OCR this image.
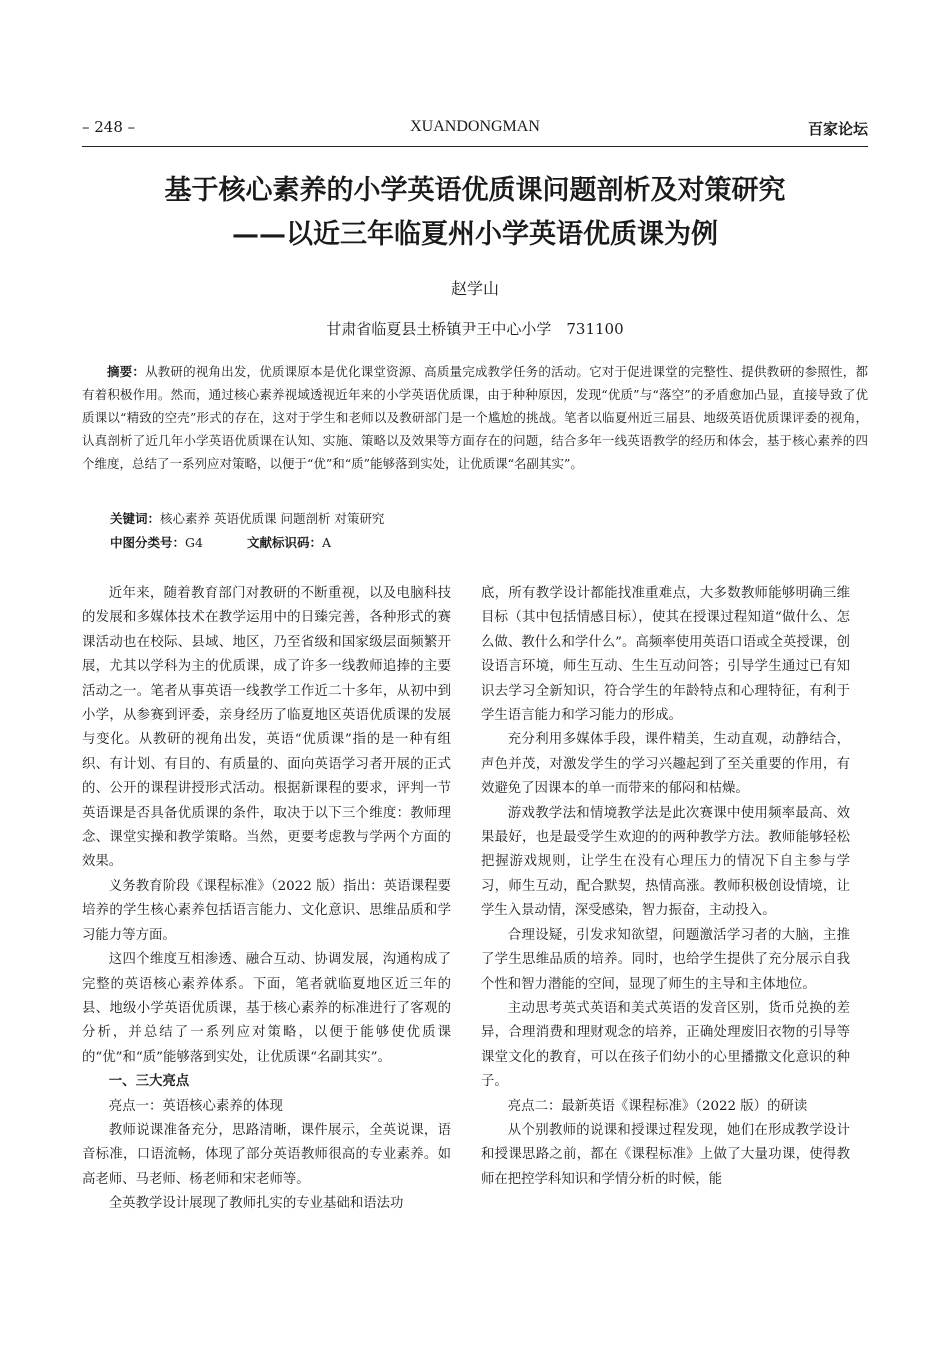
– 248 –	XUANDONGMAN	百家论坛
基于核心素养的小学英语优质课问题剖析及对策研究
——以近三年临夏州小学英语优质课为例
赵学山
甘肃省临夏县土桥镇尹王中心小学　731100
摘要：从教研的视角出发，优质课原本是优化课堂资源、高质量完成教学任务的活动。它对于促进课堂的完整性、提供教研的参照性，都有着积极作用。然而，通过核心素养视域透视近年来的小学英语优质课，由于种种原因，发现“优质”与“落空”的矛盾愈加凸显，直接导致了优质课以“精致的空壳”形式的存在，这对于学生和老师以及教研部门是一个尴尬的挑战。笔者以临夏州近三届县、地级英语优质课评委的视角，认真剖析了近几年小学英语优质课在认知、实施、策略以及效果等方面存在的问题，结合多年一线英语教学的经历和体会，基于核心素养的四个维度，总结了一系列应对策略，以便于“优”和“质”能够落到实处，让优质课“名副其实”。
关键词：核心素养 英语优质课 问题剖析 对策研究
中图分类号：G4	文献标识码：A

近年来，随着教育部门对教研的不断重视，以及电脑科技的发展和多媒体技术在教学运用中的日臻完善，各种形式的赛课活动也在校际、县域、地区，乃至省级和国家级层面频繁开展，尤其以学科为主的优质课，成了许多一线教师追捧的主要活动之一。笔者从事英语一线教学工作近二十多年，从初中到小学，从参赛到评委，亲身经历了临夏地区英语优质课的发展与变化。从教研的视角出发，英语“优质课”指的是一种有组织、有计划、有目的、有质量的、面向英语学习者开展的正式的、公开的课程讲授形式活动。根据新课程的要求，评判一节英语课是否具备优质课的条件，取决于以下三个维度：教师理念、课堂实操和教学策略。当然，更要考虑教与学两个方面的效果。

义务教育阶段《课程标准》（2022 版）指出：英语课程要培养的学生核心素养包括语言能力、文化意识、思维品质和学习能力等方面。

这四个维度互相渗透、融合互动、协调发展，沟通构成了完整的英语核心素养体系。下面，笔者就临夏地区近三年的县、地级小学英语优质课，基于核心素养的标准进行了客观的分析，并总结了一系列应对策略，以便于能够使优质课的“优”和“质”能够落到实处，让优质课“名副其实”。

一、三大亮点

亮点一：英语核心素养的体现

教师说课准备充分，思路清晰，课件展示，全英说课，语音标准，口语流畅，体现了部分英语教师很高的专业素养。如高老师、马老师、杨老师和宋老师等。

全英教学设计展现了教师扎实的专业基础和语法功

底，所有教学设计都能找准重难点，大多数教师能够明确三维目标（其中包括情感目标），使其在授课过程知道“做什么、怎么做、教什么和学什么”。高频率使用英语口语或全英授课，创设语言环境，师生互动、生生互动问答；引导学生通过已有知识去学习全新知识，符合学生的年龄特点和心理特征，有利于学生语言能力和学习能力的形成。

充分利用多媒体手段，课件精美，生动直观，动静结合，声色并茂，对激发学生的学习兴趣起到了至关重要的作用，有效避免了因课本的单一而带来的郁闷和枯燥。

游戏教学法和情境教学法是此次赛课中使用频率最高、效果最好，也是最受学生欢迎的的两种教学方法。教师能够轻松把握游戏规则，让学生在没有心理压力的情况下自主参与学习，师生互动，配合默契，热情高涨。教师积极创设情境，让学生入景动情，深受感染，智力振奋，主动投入。

合理设疑，引发求知欲望，问题激活学习者的大脑，主推了学生思维品质的培养。同时，也给学生提供了充分展示自我个性和智力潜能的空间，显现了师生的主导和主体地位。

主动思考英式英语和美式英语的发音区别，货币兑换的差异，合理消费和理财观念的培养，正确处理废旧衣物的引导等课堂文化的教育，可以在孩子们幼小的心里播撒文化意识的种子。

亮点二：最新英语《课程标准》（2022 版）的研读

从个别教师的说课和授课过程发现，她们在形成教学设计和授课思路之前，都在《课程标准》上做了大量功课，使得教师在把控学科知识和学情分析的时候，能
